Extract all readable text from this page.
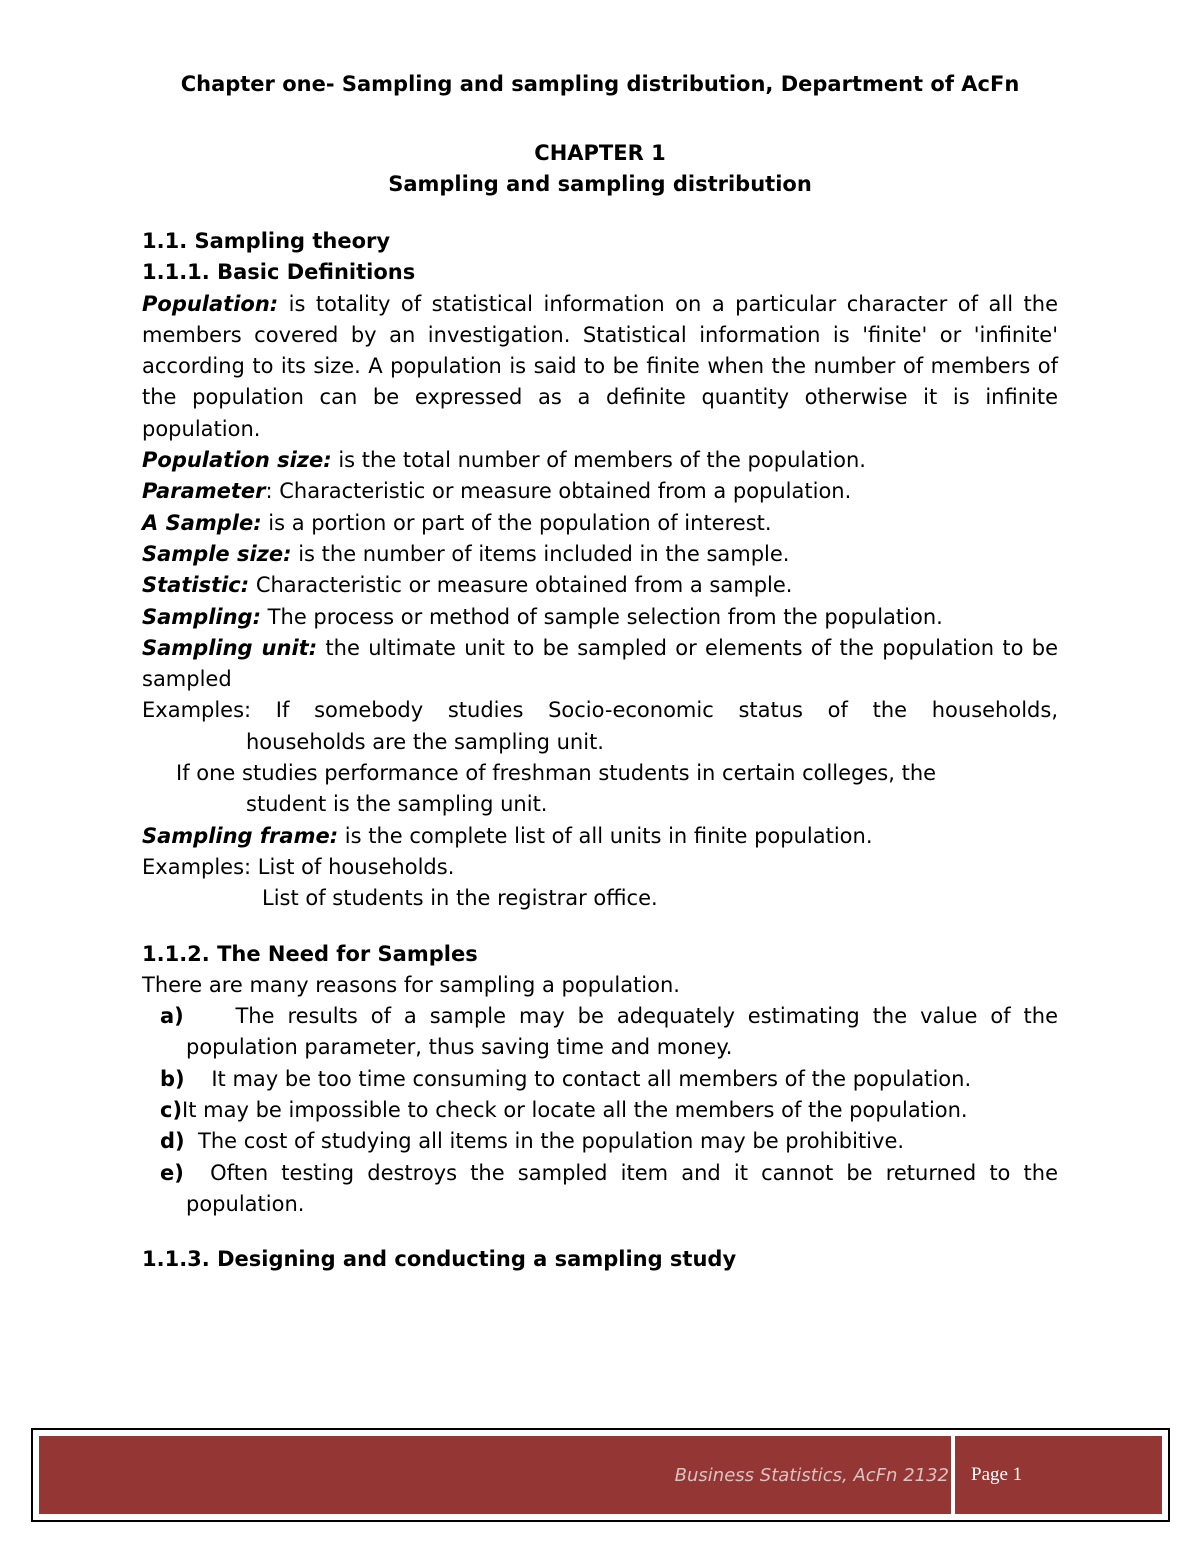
Chapter one- Sampling and sampling distribution, Department of AcFn
CHAPTER 1
Sampling and sampling distribution

1.1. Sampling theory

1.1.1. Basic Definitions

Population: is totality of statistical information on a particular character of all the members covered by an investigation. Statistical information is 'finite' or 'infinite' according to its size. A population is said to be finite when the number of members of the population can be expressed as a definite quantity otherwise it is infinite population.

Population size: is the total number of members of the population.

Parameter: Characteristic or measure obtained from a population.

A Sample: is a portion or part of the population of interest.

Sample size: is the number of items included in the sample.

Statistic: Characteristic or measure obtained from a sample.

Sampling: The process or method of sample selection from the population.

Sampling unit: the ultimate unit to be sampled or elements of the population to be sampled

Examples: If somebody studies Socio-economic status of the households,

households are the sampling unit.

If one studies performance of freshman students in certain colleges, the

student is the sampling unit.

Sampling frame: is the complete list of all units in finite population.

Examples: List of households.

List of students in the registrar office.

1.1.2. The Need for Samples

There are many reasons for sampling a population.

a) The results of a sample may be adequately estimating the value of the population parameter, thus saving time and money.

b) It may be too time consuming to contact all members of the population.

c)It may be impossible to check or locate all the members of the population.

d) The cost of studying all items in the population may be prohibitive.

e) Often testing destroys the sampled item and it cannot be returned to the population.

1.1.3. Designing and conducting a sampling study

Business Statistics, AcFn 2132 Page 1
